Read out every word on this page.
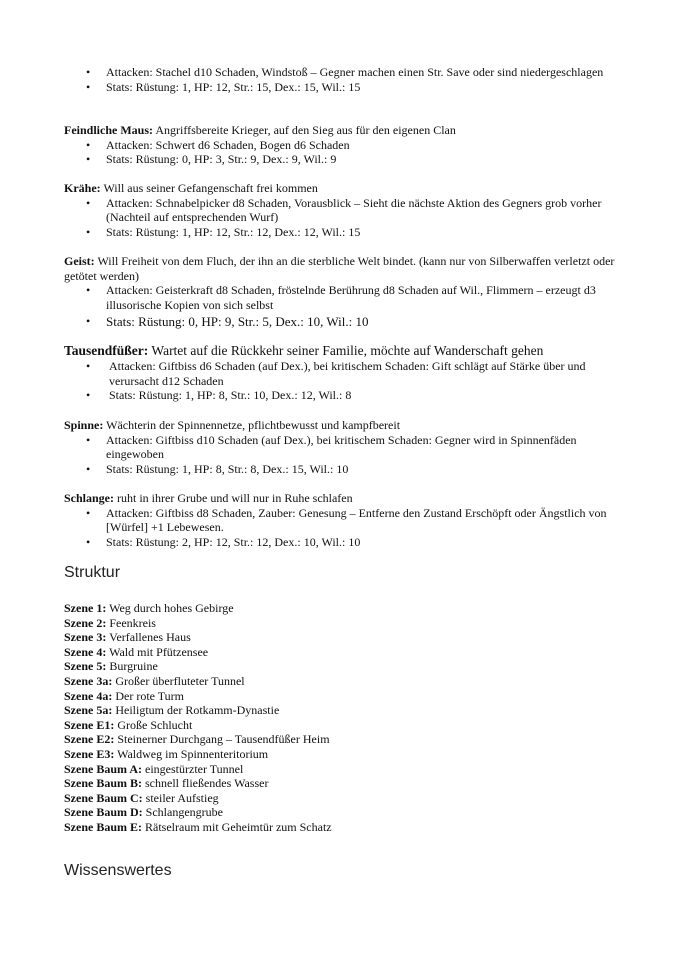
• Attacken: Stachel d10 Schaden, Windstoß – Gegner machen einen Str. Save oder sind niedergeschlagen
• Stats: Rüstung: 1, HP: 12, Str.: 15, Dex.: 15, Wil.: 15
Feindliche Maus: Angriffsbereite Krieger, auf den Sieg aus für den eigenen Clan
• Attacken: Schwert d6 Schaden, Bogen d6 Schaden
• Stats: Rüstung: 0, HP: 3, Str.: 9, Dex.: 9, Wil.: 9
Krähe: Will aus seiner Gefangenschaft frei kommen
• Attacken: Schnabelpicker d8 Schaden, Vorausblick – Sieht die nächste Aktion des Gegners grob vorher (Nachteil auf entsprechenden Wurf)
• Stats: Rüstung: 1, HP: 12, Str.: 12, Dex.: 12, Wil.: 15
Geist: Will Freiheit von dem Fluch, der ihn an die sterbliche Welt bindet. (kann nur von Silberwaffen verletzt oder getötet werden)
• Attacken: Geisterkraft d8 Schaden, fröstelnde Berührung d8 Schaden auf Wil., Flimmern – erzeugt d3 illusorische Kopien von sich selbst
• Stats: Rüstung: 0, HP: 9, Str.: 5, Dex.: 10, Wil.: 10
Tausendfüßer: Wartet auf die Rückkehr seiner Familie, möchte auf Wanderschaft gehen
• Attacken: Giftbiss d6 Schaden (auf Dex.), bei kritischem Schaden: Gift schlägt auf Stärke über und verursacht d12 Schaden
• Stats: Rüstung: 1, HP: 8, Str.: 10, Dex.: 12, Wil.: 8
Spinne: Wächterin der Spinnennetze, pflichtbewusst und kampfbereit
• Attacken: Giftbiss d10 Schaden (auf Dex.), bei kritischem Schaden: Gegner wird in Spinnenfäden eingewoben
• Stats: Rüstung: 1, HP: 8, Str.: 8, Dex.: 15, Wil.: 10
Schlange: ruht in ihrer Grube und will nur in Ruhe schlafen
• Attacken: Giftbiss d8 Schaden, Zauber: Genesung – Entferne den Zustand Erschöpft oder Ängstlich von [Würfel] +1 Lebewesen.
• Stats: Rüstung: 2, HP: 12, Str.: 12, Dex.: 10, Wil.: 10
Struktur
Szene 1: Weg durch hohes Gebirge
Szene 2: Feenkreis
Szene 3: Verfallenes Haus
Szene 4: Wald mit Pfützensee
Szene 5: Burgruine
Szene 3a: Großer überfluteter Tunnel
Szene 4a: Der rote Turm
Szene 5a: Heiligtum der Rotkamm-Dynastie
Szene E1: Große Schlucht
Szene E2: Steinerner Durchgang – Tausendfüßer Heim
Szene E3: Waldweg im Spinnenteritorium
Szene Baum A: eingestürzter Tunnel
Szene Baum B: schnell fließendes Wasser
Szene Baum C: steiler Aufstieg
Szene Baum D: Schlangengrube
Szene Baum E: Rätselraum mit Geheimtür zum Schatz
Wissenswertes
